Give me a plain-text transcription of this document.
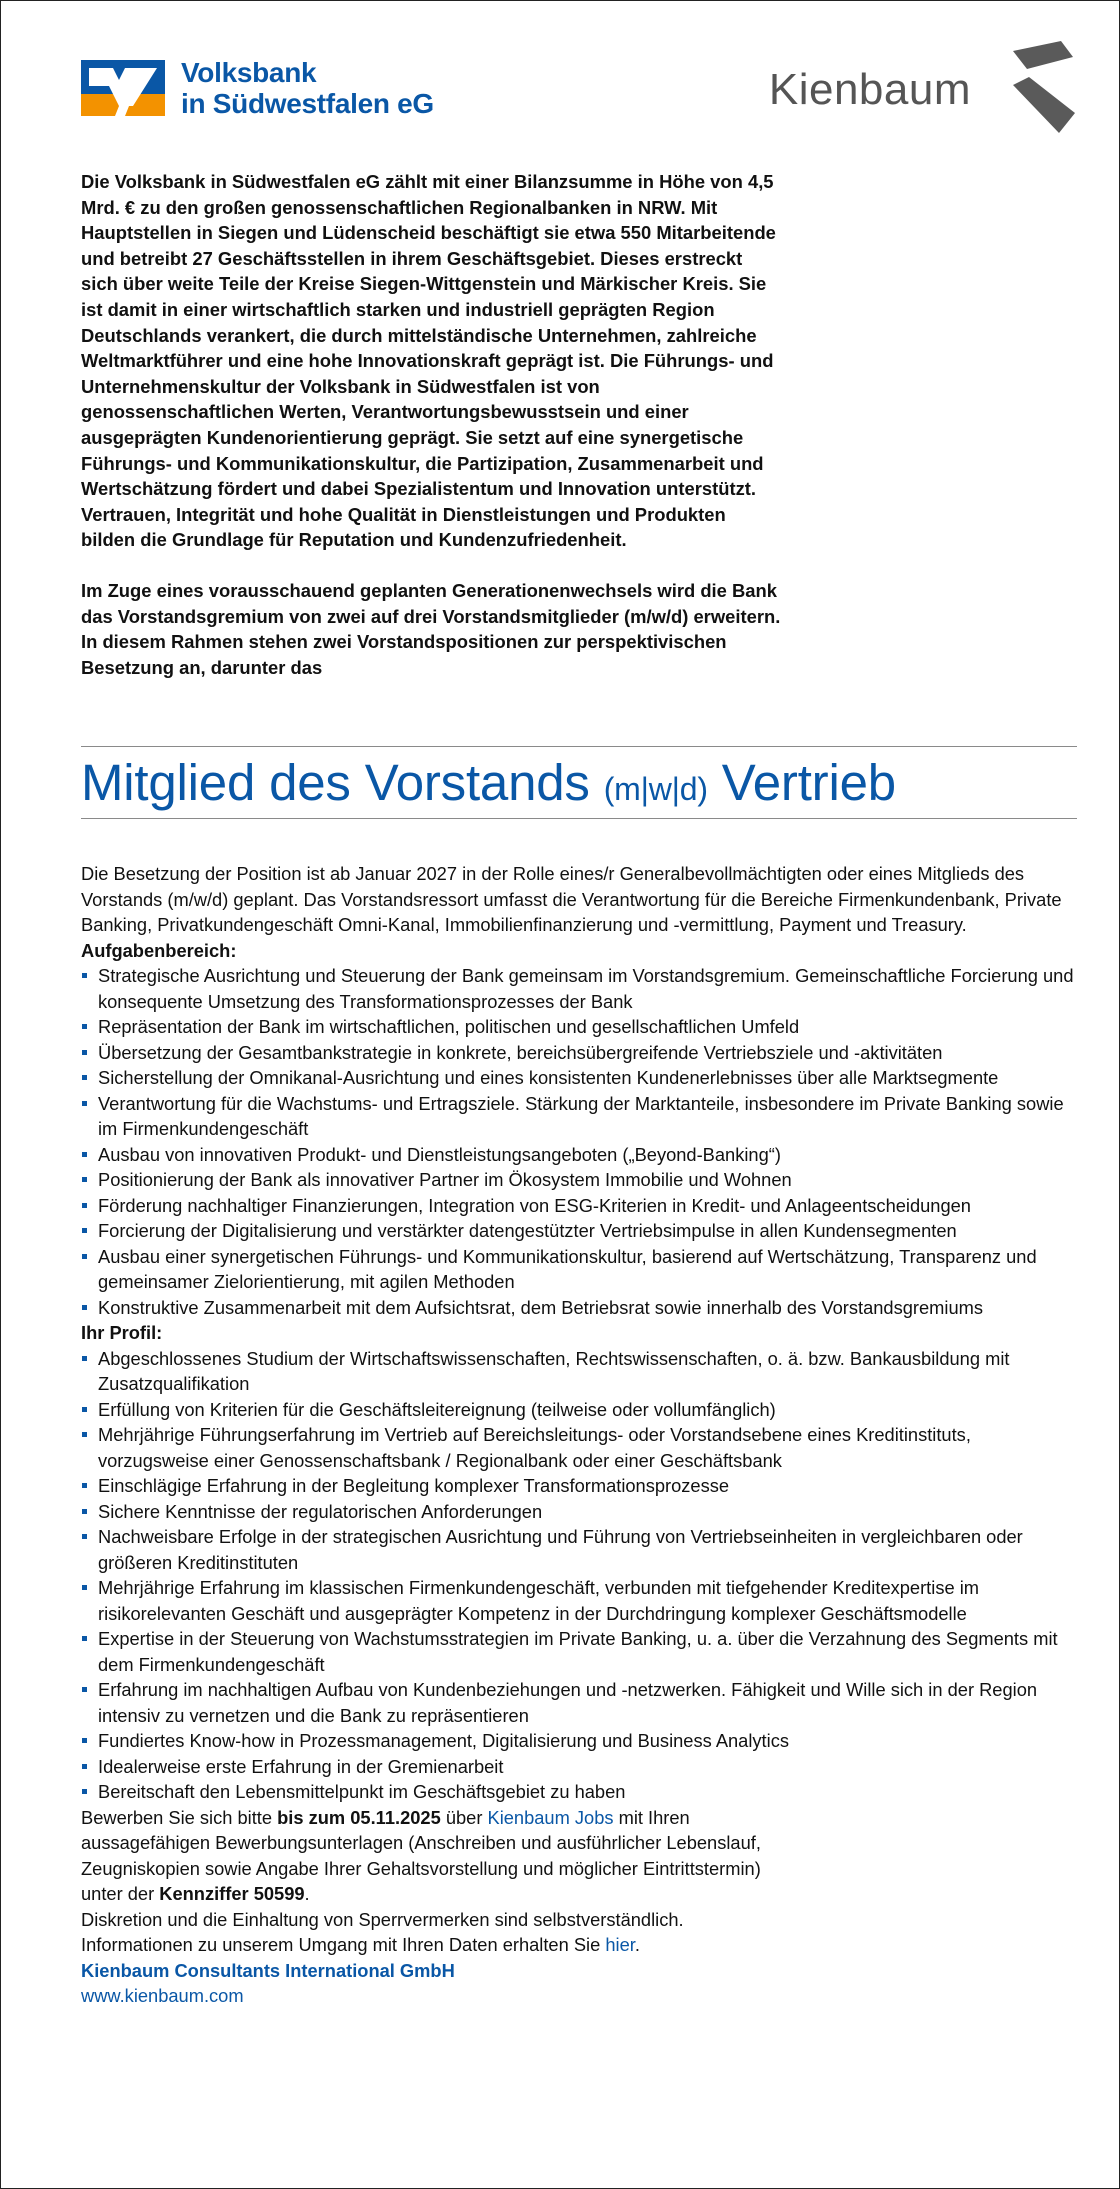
Volksbank
in Südwestfalen eG	Kienbaum

Die Volksbank in Südwestfalen eG zählt mit einer Bilanzsumme in Höhe von 4,5 Mrd. € zu den großen genossenschaftlichen Regionalbanken in NRW. Mit Hauptstellen in Siegen und Lüdenscheid beschäftigt sie etwa 550 Mitarbeitende und betreibt 27 Geschäftsstellen in ihrem Geschäftsgebiet. Dieses erstreckt sich über weite Teile der Kreise Siegen-Wittgenstein und Märkischer Kreis. Sie ist damit in einer wirtschaftlich starken und industriell geprägten Region Deutschlands verankert, die durch mittelständische Unternehmen, zahlreiche Weltmarktführer und eine hohe Innovationskraft geprägt ist. Die Führungs- und Unternehmenskultur der Volksbank in Südwestfalen ist von genossenschaftlichen Werten, Verantwortungsbewusstsein und einer ausgeprägten Kundenorientierung geprägt. Sie setzt auf eine synergetische Führungs- und Kommunikationskultur, die Partizipation, Zusammenarbeit und Wertschätzung fördert und dabei Spezialistentum und Innovation unterstützt. Vertrauen, Integrität und hohe Qualität in Dienstleistungen und Produkten bilden die Grundlage für Reputation und Kundenzufriedenheit.

Im Zuge eines vorausschauend geplanten Generationenwechsels wird die Bank das Vorstandsgremium von zwei auf drei Vorstandsmitglieder (m/w/d) erweitern. In diesem Rahmen stehen zwei Vorstandspositionen zur perspektivischen Besetzung an, darunter das

Mitglied des Vorstands (m|w|d) Vertrieb

Die Besetzung der Position ist ab Januar 2027 in der Rolle eines/r Generalbevollmächtigten oder eines Mitglieds des Vorstands (m/w/d) geplant. Das Vorstandsressort umfasst die Verantwortung für die Bereiche Firmenkundenbank, Private Banking, Privatkundengeschäft Omni-Kanal, Immobilienfinanzierung und -vermittlung, Payment und Treasury.

Aufgabenbereich:

Strategische Ausrichtung und Steuerung der Bank gemeinsam im Vorstandsgremium. Gemeinschaftliche Forcierung und konsequente Umsetzung des Transformationsprozesses der Bank
Repräsentation der Bank im wirtschaftlichen, politischen und gesellschaftlichen Umfeld
Übersetzung der Gesamtbankstrategie in konkrete, bereichsübergreifende Vertriebsziele und -aktivitäten
Sicherstellung der Omnikanal-Ausrichtung und eines konsistenten Kundenerlebnisses über alle Marktsegmente
Verantwortung für die Wachstums- und Ertragsziele. Stärkung der Marktanteile, insbesondere im Private Banking sowie im Firmenkundengeschäft
Ausbau von innovativen Produkt- und Dienstleistungsangeboten („Beyond-Banking“)
Positionierung der Bank als innovativer Partner im Ökosystem Immobilie und Wohnen
Förderung nachhaltiger Finanzierungen, Integration von ESG-Kriterien in Kredit- und Anlageentscheidungen
Forcierung der Digitalisierung und verstärkter datengestützter Vertriebsimpulse in allen Kundensegmenten
Ausbau einer synergetischen Führungs- und Kommunikationskultur, basierend auf Wertschätzung, Transparenz und gemeinsamer Zielorientierung, mit agilen Methoden
Konstruktive Zusammenarbeit mit dem Aufsichtsrat, dem Betriebsrat sowie innerhalb des Vorstandsgremiums

Ihr Profil:

Abgeschlossenes Studium der Wirtschaftswissenschaften, Rechtswissenschaften, o. ä. bzw. Bankausbildung mit Zusatzqualifikation
Erfüllung von Kriterien für die Geschäftsleitereignung (teilweise oder vollumfänglich)
Mehrjährige Führungserfahrung im Vertrieb auf Bereichsleitungs- oder Vorstandsebene eines Kreditinstituts, vorzugsweise einer Genossenschaftsbank / Regionalbank oder einer Geschäftsbank
Einschlägige Erfahrung in der Begleitung komplexer Transformationsprozesse
Sichere Kenntnisse der regulatorischen Anforderungen
Nachweisbare Erfolge in der strategischen Ausrichtung und Führung von Vertriebseinheiten in vergleichbaren oder größeren Kreditinstituten
Mehrjährige Erfahrung im klassischen Firmenkundengeschäft, verbunden mit tiefgehender Kreditexpertise im risikorelevanten Geschäft und ausgeprägter Kompetenz in der Durchdringung komplexer Geschäftsmodelle
Expertise in der Steuerung von Wachstumsstrategien im Private Banking, u. a. über die Verzahnung des Segments mit dem Firmenkundengeschäft
Erfahrung im nachhaltigen Aufbau von Kundenbeziehungen und -netzwerken. Fähigkeit und Wille sich in der Region intensiv zu vernetzen und die Bank zu repräsentieren
Fundiertes Know-how in Prozessmanagement, Digitalisierung und Business Analytics
Idealerweise erste Erfahrung in der Gremienarbeit
Bereitschaft den Lebensmittelpunkt im Geschäftsgebiet zu haben

Bewerben Sie sich bitte bis zum 05.11.2025 über Kienbaum Jobs mit Ihren aussagefähigen Bewerbungsunterlagen (Anschreiben und ausführlicher Lebenslauf, Zeugniskopien sowie Angabe Ihrer Gehaltsvorstellung und möglicher Eintrittstermin) unter der Kennziffer 50599.

Diskretion und die Einhaltung von Sperrvermerken sind selbstverständlich.

Informationen zu unserem Umgang mit Ihren Daten erhalten Sie hier.

Kienbaum Consultants International GmbH

www.kienbaum.com
